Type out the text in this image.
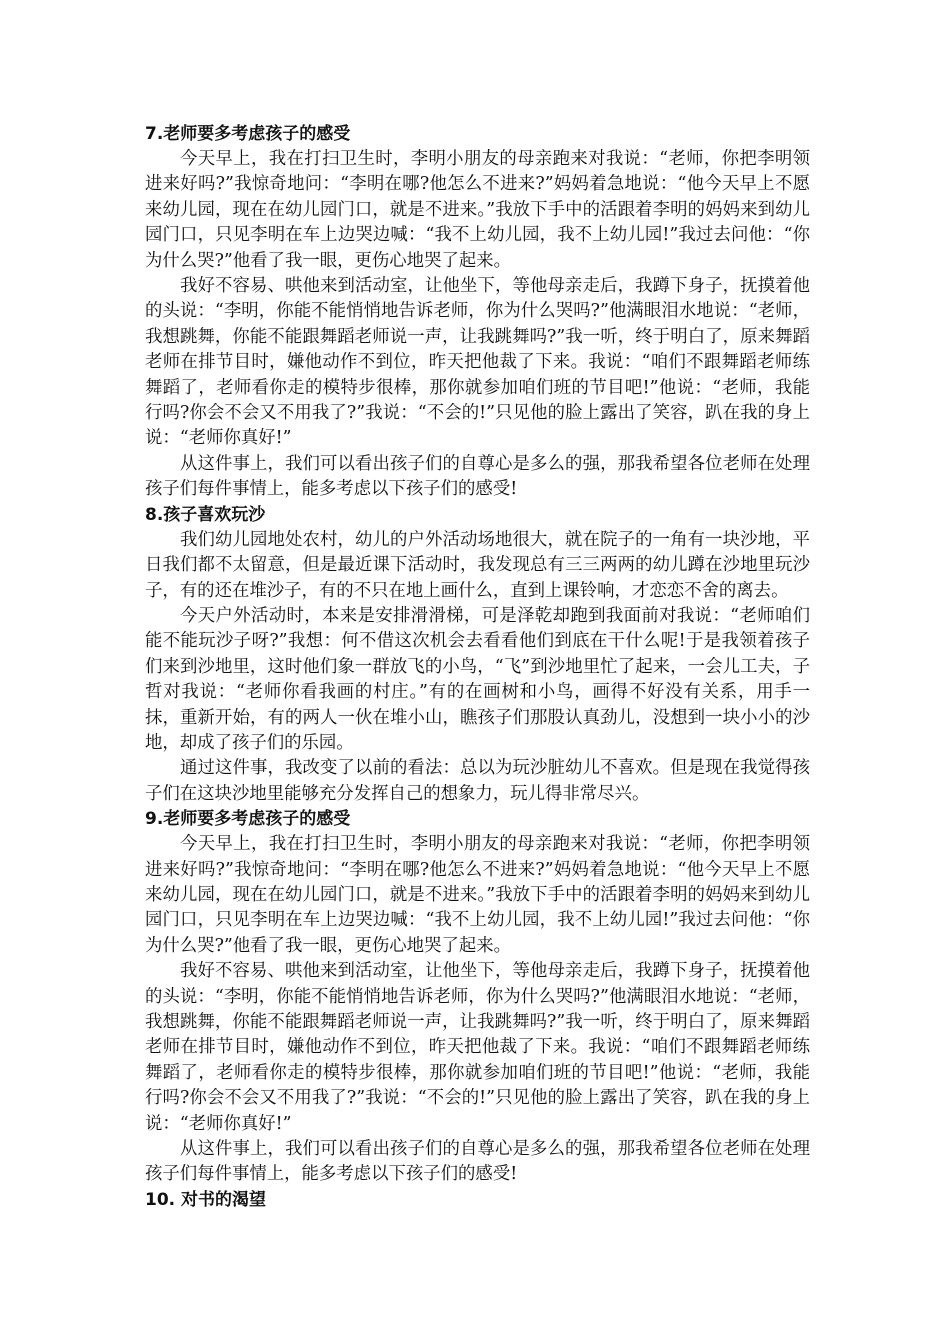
7.老师要多考虑孩子的感受

今天早上，我在打扫卫生时，李明小朋友的母亲跑来对我说：“老师，你把李明领进来好吗?”我惊奇地问：“李明在哪?他怎么不进来?”妈妈着急地说：“他今天早上不愿来幼儿园，现在在幼儿园门口，就是不进来。”我放下手中的活跟着李明的妈妈来到幼儿园门口，只见李明在车上边哭边喊：“我不上幼儿园，我不上幼儿园!”我过去问他：“你为什么哭?”他看了我一眼，更伤心地哭了起来。

我好不容易、哄他来到活动室，让他坐下，等他母亲走后，我蹲下身子，抚摸着他的头说：“李明，你能不能悄悄地告诉老师，你为什么哭吗?”他满眼泪水地说：“老师，我想跳舞，你能不能跟舞蹈老师说一声，让我跳舞吗?”我一听，终于明白了，原来舞蹈老师在排节目时，嫌他动作不到位，昨天把他裁了下来。我说：“咱们不跟舞蹈老师练舞蹈了，老师看你走的模特步很棒，那你就参加咱们班的节目吧!”他说：“老师，我能行吗?你会不会又不用我了?”我说：“不会的!”只见他的脸上露出了笑容，趴在我的身上说：“老师你真好!”

从这件事上，我们可以看出孩子们的自尊心是多么的强，那我希望各位老师在处理孩子们每件事情上，能多考虑以下孩子们的感受!

8.孩子喜欢玩沙

我们幼儿园地处农村，幼儿的户外活动场地很大，就在院子的一角有一块沙地，平日我们都不太留意，但是最近课下活动时，我发现总有三三两两的幼儿蹲在沙地里玩沙子，有的还在堆沙子，有的不只在地上画什么，直到上课铃响，才恋恋不舍的离去。

今天户外活动时，本来是安排滑滑梯，可是泽乾却跑到我面前对我说：“老师咱们能不能玩沙子呀?”我想：何不借这次机会去看看他们到底在干什么呢!于是我领着孩子们来到沙地里，这时他们象一群放飞的小鸟，“飞”到沙地里忙了起来，一会儿工夫，子哲对我说：“老师你看我画的村庄。”有的在画树和小鸟，画得不好没有关系，用手一抹，重新开始，有的两人一伙在堆小山，瞧孩子们那股认真劲儿，没想到一块小小的沙地，却成了孩子们的乐园。

通过这件事，我改变了以前的看法：总以为玩沙脏幼儿不喜欢。但是现在我觉得孩子们在这块沙地里能够充分发挥自己的想象力，玩儿得非常尽兴。

9.老师要多考虑孩子的感受

今天早上，我在打扫卫生时，李明小朋友的母亲跑来对我说：“老师，你把李明领进来好吗?”我惊奇地问：“李明在哪?他怎么不进来?”妈妈着急地说：“他今天早上不愿来幼儿园，现在在幼儿园门口，就是不进来。”我放下手中的活跟着李明的妈妈来到幼儿园门口，只见李明在车上边哭边喊：“我不上幼儿园，我不上幼儿园!”我过去问他：“你为什么哭?”他看了我一眼，更伤心地哭了起来。

我好不容易、哄他来到活动室，让他坐下，等他母亲走后，我蹲下身子，抚摸着他的头说：“李明，你能不能悄悄地告诉老师，你为什么哭吗?”他满眼泪水地说：“老师，我想跳舞，你能不能跟舞蹈老师说一声，让我跳舞吗?”我一听，终于明白了，原来舞蹈老师在排节目时，嫌他动作不到位，昨天把他裁了下来。我说：“咱们不跟舞蹈老师练舞蹈了，老师看你走的模特步很棒，那你就参加咱们班的节目吧!”他说：“老师，我能行吗?你会不会又不用我了?”我说：“不会的!”只见他的脸上露出了笑容，趴在我的身上说：“老师你真好!”

从这件事上，我们可以看出孩子们的自尊心是多么的强，那我希望各位老师在处理孩子们每件事情上，能多考虑以下孩子们的感受!

10. 对书的渴望
